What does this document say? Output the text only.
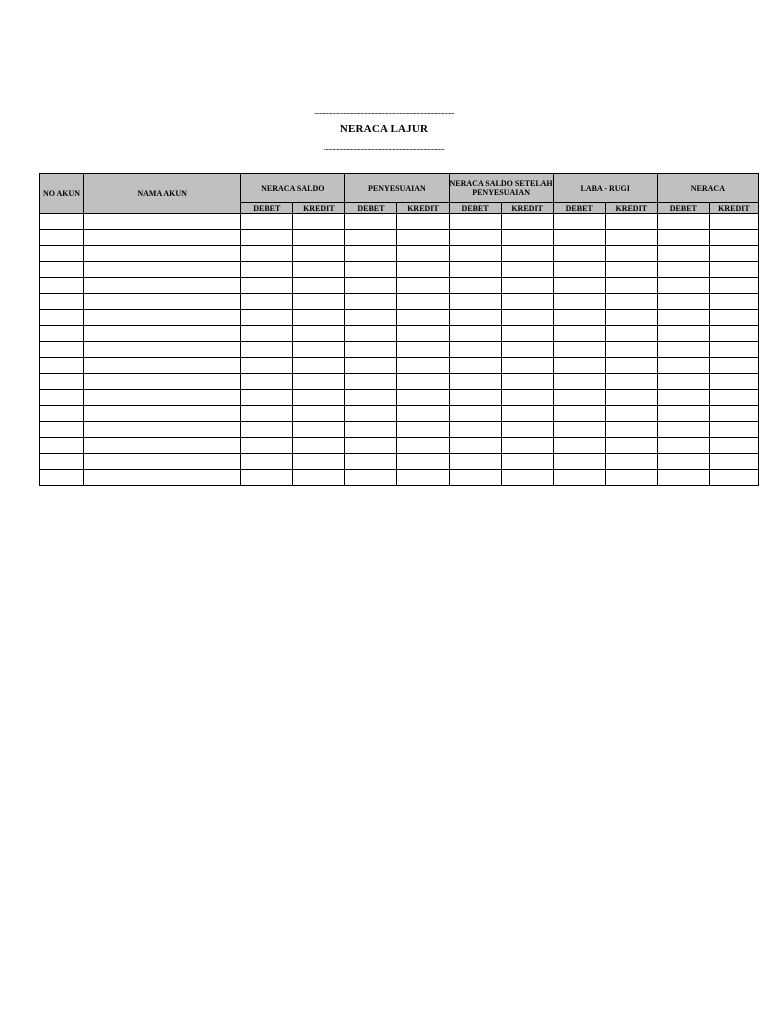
....................................................................................................
NERACA LAJUR
......................................................................................
NO AKUN	NAMA AKUN	NERACA SALDO		PENYESUAIAN		NERACA SALDO SETELAH PENYESUAIAN		LABA - RUGI		NERACA	
		DEBET	KREDIT	DEBET	KREDIT	DEBET	KREDIT	DEBET	KREDIT	DEBET	KREDIT
